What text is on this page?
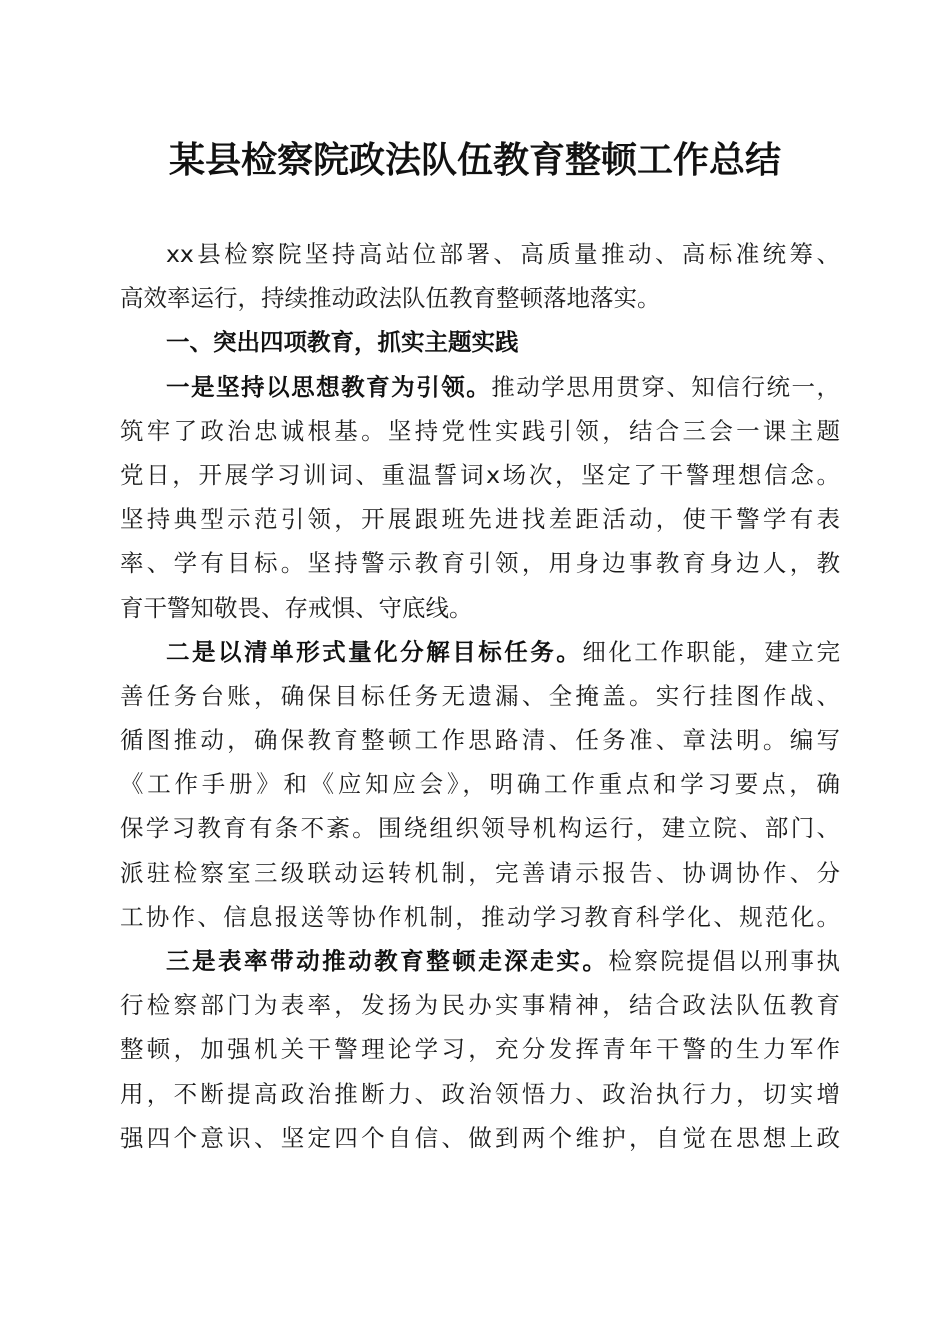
某县检察院政法队伍教育整顿工作总结
xx县检察院坚持高站位部署、高质量推动、高标准统筹、
高效率运行，持续推动政法队伍教育整顿落地落实。
一、突出四项教育，抓实主题实践
一是坚持以思想教育为引领。推动学思用贯穿、知信行统一，
筑牢了政治忠诚根基。坚持党性实践引领，结合三会一课主题
党日，开展学习训词、重温誓词x场次，坚定了干警理想信念。
坚持典型示范引领，开展跟班先进找差距活动，使干警学有表
率、学有目标。坚持警示教育引领，用身边事教育身边人，教
育干警知敬畏、存戒惧、守底线。
二是以清单形式量化分解目标任务。细化工作职能，建立完
善任务台账，确保目标任务无遗漏、全掩盖。实行挂图作战、
循图推动，确保教育整顿工作思路清、任务准、章法明。编写
《工作手册》和《应知应会》，明确工作重点和学习要点，确
保学习教育有条不紊。围绕组织领导机构运行，建立院、部门、
派驻检察室三级联动运转机制，完善请示报告、协调协作、分
工协作、信息报送等协作机制，推动学习教育科学化、规范化。
三是表率带动推动教育整顿走深走实。检察院提倡以刑事执
行检察部门为表率，发扬为民办实事精神，结合政法队伍教育
整顿，加强机关干警理论学习，充分发挥青年干警的生力军作
用，不断提高政治推断力、政治领悟力、政治执行力，切实增
强四个意识、坚定四个自信、做到两个维护，自觉在思想上政
